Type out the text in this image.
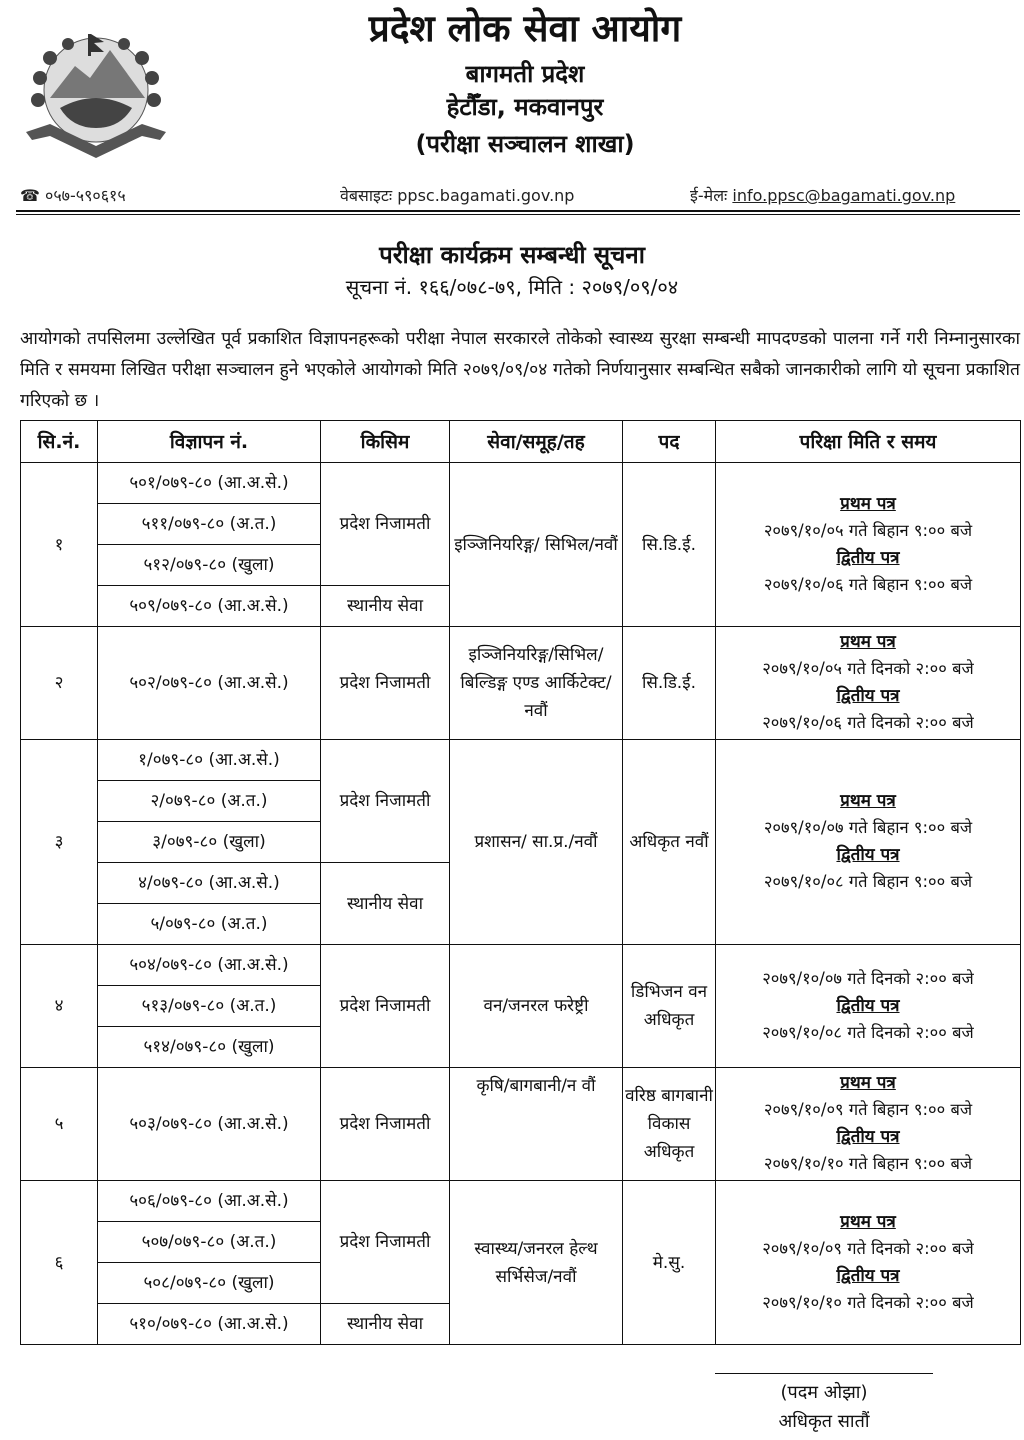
प्रदेश लोक सेवा आयोग
बागमती प्रदेश
हेटौँडा, मकवानपुर
(परीक्षा सञ्चालन शाखा)
☎ ०५७-५९०६१५	वेबसाइटः ppsc.bagamati.gov.np	ई-मेलः info.ppsc@bagamati.gov.np
परीक्षा कार्यक्रम सम्बन्धी सूचना
सूचना नं. १६६/०७८-७९, मिति : २०७९/०९/०४
आयोगको तपसिलमा उल्लेखित पूर्व प्रकाशित विज्ञापनहरूको परीक्षा नेपाल सरकारले तोकेको स्वास्थ्य सुरक्षा सम्बन्धी मापदण्डको पालना गर्ने गरी निम्नानुसारका मिति र समयमा लिखित परीक्षा सञ्चालन हुने भएकोले आयोगको मिति २०७९/०९/०४ गतेको निर्णयानुसार सम्बन्धित सबैको जानकारीको लागि यो सूचना प्रकाशित गरिएको छ ।
सि.नं.	विज्ञापन नं.	किसिम	सेवा/समूह/तह	पद	परिक्षा मिति र समय
१	५०१/०७९-८० (आ.अ.से.)	प्रदेश निजामती	इञ्जिनियरिङ्ग/ सिभिल/नवौं	सि.डि.ई.	प्रथम पत्र
२०७९/१०/०५ गते बिहान ९:०० बजे
द्वितीय पत्र
२०७९/१०/०६ गते बिहान ९:०० बजे

	५११/०७९-८० (अ.त.)				
	५१२/०७९-८० (खुला)				
	५०९/०७९-८० (आ.अ.से.)	स्थानीय सेवा			
२	५०२/०७९-८० (आ.अ.से.)	प्रदेश निजामती	इञ्जिनियरिङ्ग/सिभिल/ बिल्डिङ्ग एण्ड आर्किटेक्ट/नवौं	सि.डि.ई.	प्रथम पत्र
२०७९/१०/०५ गते दिनको २:०० बजे
द्वितीय पत्र
२०७९/१०/०६ गते दिनको २:०० बजे

३	१/०७९-८० (आ.अ.से.)	प्रदेश निजामती	प्रशासन/ सा.प्र./नवौं	अधिकृत नवौं	प्रथम पत्र
२०७९/१०/०७ गते बिहान ९:०० बजे
द्वितीय पत्र
२०७९/१०/०८ गते बिहान ९:०० बजे

	२/०७९-८० (अ.त.)				
	३/०७९-८० (खुला)				
	४/०७९-८० (आ.अ.से.)	स्थानीय सेवा			
	५/०७९-८० (अ.त.)				
४	५०४/०७९-८० (आ.अ.से.)	प्रदेश निजामती	वन/जनरल फरेष्ट्री	डिभिजन वन अधिकृत	२०७९/१०/०७ गते दिनको २:०० बजे
द्वितीय पत्र
२०७९/१०/०८ गते दिनको २:०० बजे

	५१३/०७९-८० (अ.त.)				
	५१४/०७९-८० (खुला)				
५	५०३/०७९-८० (आ.अ.से.)	प्रदेश निजामती	कृषि/बागबानी/न वौं	वरिष्ठ बागबानी विकास अधिकृत	प्रथम पत्र
२०७९/१०/०९ गते बिहान ९:०० बजे
द्वितीय पत्र
२०७९/१०/१० गते बिहान ९:०० बजे

६	५०६/०७९-८० (आ.अ.से.)	प्रदेश निजामती	स्वास्थ्य/जनरल हेल्थ सर्भिसेज/नवौं	मे.सु.	प्रथम पत्र
२०७९/१०/०९ गते दिनको २:०० बजे
द्वितीय पत्र
२०७९/१०/१० गते दिनको २:०० बजे

	५०७/०७९-८० (अ.त.)				
	५०८/०७९-८० (खुला)				
	५१०/०७९-८० (आ.अ.से.)	स्थानीय सेवा			
(पदम ओझा)
अधिकृत सातौं
